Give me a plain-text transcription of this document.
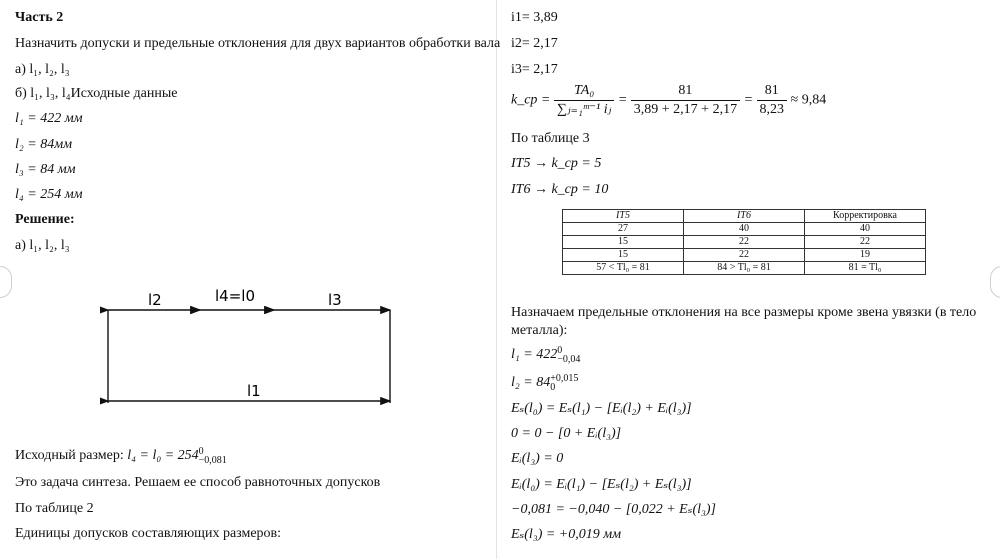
Часть 2
Назначить допуски и предельные отклонения для двух вариантов обработки вала
а) l₁, l₂, l₃
б) l₁, l₃, l₄Исходные данные
l₁ = 422 мм
l₂ = 84мм
l₃ = 84 мм
l₄ = 254 мм
Решение:
а) l₁, l₂, l₃
l2	l4=l0	l3
l1
Исходный размер: l₄ = l₀ = 254 0
−0,081
Это задача синтеза. Решаем ее способ равноточных допусков
По таблице 2
Единицы допусков составляющих размеров:
i1= 3,89
i2= 2,17
i3= 2,17
k_cp = $\frac{\text{TA₀}}{\text{∑ⱼ₌₁ᵐ⁻¹ iⱼ}} = \frac{81}{3,89 + 2,17 + 2,17} = \frac{81}{8,23} \approx 9,84$
По таблице 3
IT5 → k_cp = 5
IT6 → k_cp = 10
IT5	IT6	Корректировка
27	40	40
15	22	22
15	22	19
57 < Tl₀ = 81	84 > Tl₀ = 81	81 = Tl₀
Назначаем предельные отклонения на все размеры кроме звена увязки (в тело
металла):
l₁ = 422 0
−0,04
l₂ = 84 +0,015
0
Eₛ(l₀) = Eₛ(l₁) − [Eᵢ(l₂) + Eᵢ(l₃)]
0 = 0 − [0 + Eᵢ(l₃)]
Eᵢ(l₃) = 0
Eᵢ(l₀) = Eᵢ(l₁) − [Eₛ(l₂) + Eₛ(l₃)]
−0,081 = −0,040 − [0,022 + Eₛ(l₃)]
Eₛ(l₃) = +0,019 мм
